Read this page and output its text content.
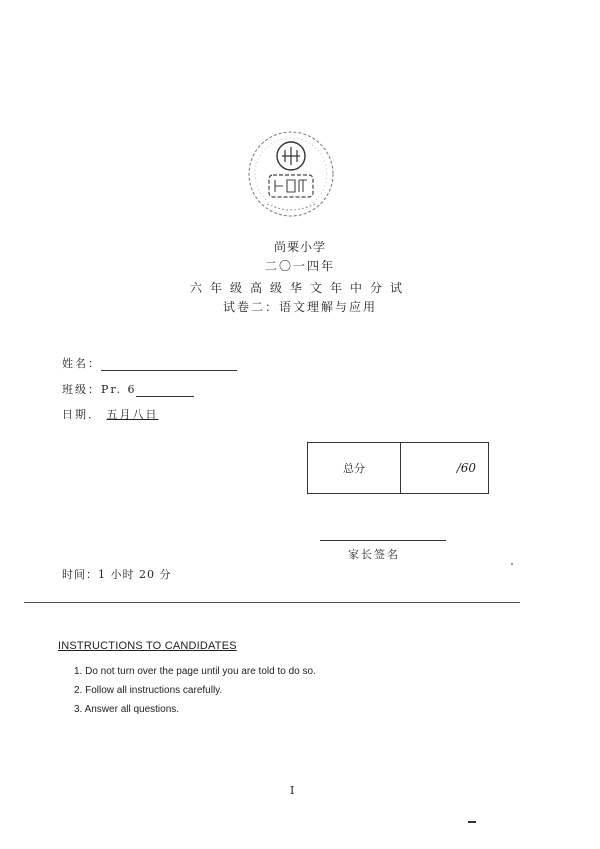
尚栗小学
二〇一四年
六年级高级华文年中分试
试卷二：语文理解与应用
姓名：
班级：Pr. 6
日期． 五月八日
总分	/60
家长签名
时间：1 小时 20 分
INSTRUCTIONS TO CANDIDATES
1. Do not turn over the page until you are told to do so.
2. Follow all instructions carefully.
3. Answer all questions.
I
